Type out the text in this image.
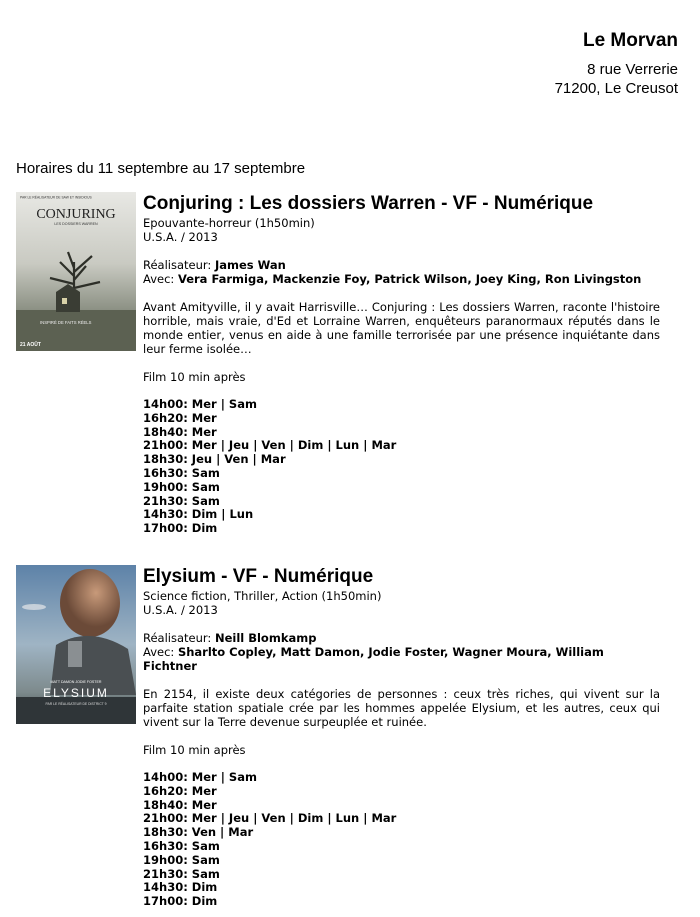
Le Morvan
8 rue Verrerie
71200, Le Creusot
Horaires du 11 septembre au 17 septembre
PAR LE RÉALISATEUR DE SAW ET INSIDIOUS
CONJURING
LES DOSSIERS WARREN
INSPIRÉ DE FAITS RÉELS
21 AOÛT
Conjuring : Les dossiers Warren - VF - Numérique
Epouvante-horreur (1h50min)
U.S.A. / 2013
Réalisateur: James Wan
Avec: Vera Farmiga, Mackenzie Foy, Patrick Wilson, Joey King, Ron Livingston
Avant Amityville, il y avait Harrisville… Conjuring : Les dossiers Warren, raconte l'histoire horrible, mais vraie, d'Ed et Lorraine Warren, enquêteurs paranormaux réputés dans le monde entier, venus en aide à une famille terrorisée par une présence inquiétante dans leur ferme isolée…
Film 10 min après
14h00: Mer | Sam
16h20: Mer
18h40: Mer
21h00: Mer | Jeu | Ven | Dim | Lun | Mar
18h30: Jeu | Ven | Mar
16h30: Sam
19h00: Sam
21h30: Sam
14h30: Dim | Lun
17h00: Dim
MATT DAMON JODIE FOSTER
ELYSIUM
PAR LE RÉALISATEUR DE DISTRICT 9
Elysium - VF - Numérique
Science fiction, Thriller, Action (1h50min)
U.S.A. / 2013
Réalisateur: Neill Blomkamp
Avec: Sharlto Copley, Matt Damon, Jodie Foster, Wagner Moura, William Fichtner
En 2154, il existe deux catégories de personnes : ceux très riches, qui vivent sur la parfaite station spatiale crée par les hommes appelée Elysium, et les autres, ceux qui vivent sur la Terre devenue surpeuplée et ruinée.
Film 10 min après
14h00: Mer | Sam
16h20: Mer
18h40: Mer
21h00: Mer | Jeu | Ven | Dim | Lun | Mar
18h30: Ven | Mar
16h30: Sam
19h00: Sam
21h30: Sam
14h30: Dim
17h00: Dim
